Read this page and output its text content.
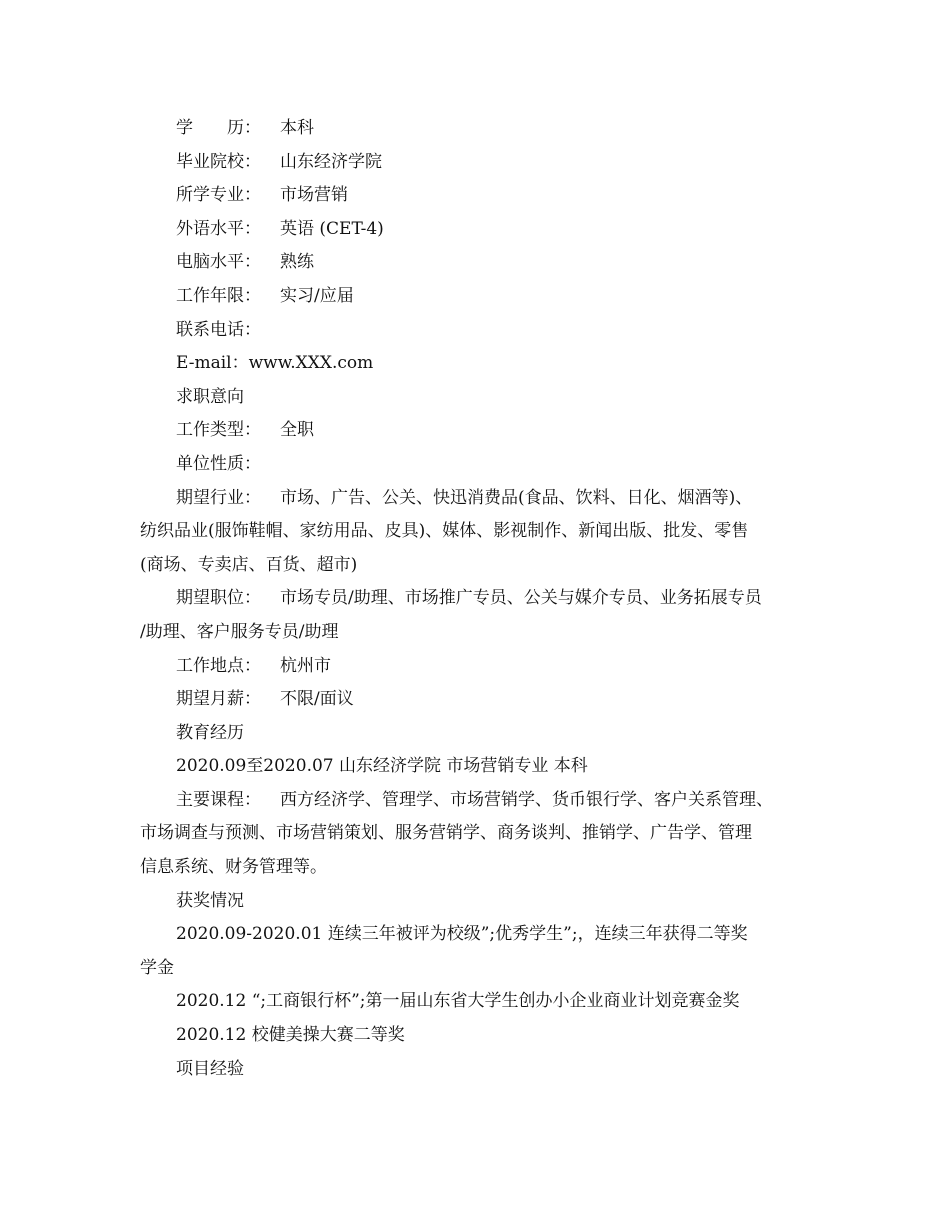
学　　历： 本科
毕业院校： 山东经济学院
所学专业： 市场营销
外语水平： 英语 (CET-4)
电脑水平： 熟练
工作年限： 实习/应届
联系电话：
E-mail：www.XXX.com
求职意向
工作类型： 全职
单位性质：
期望行业： 市场、广告、公关、快迅消费品(食品、饮料、日化、烟酒等)、
纺织品业(服饰鞋帽、家纺用品、皮具)、媒体、影视制作、新闻出版、批发、零售
(商场、专卖店、百货、超市)
期望职位： 市场专员/助理、市场推广专员、公关与媒介专员、业务拓展专员
/助理、客户服务专员/助理
工作地点： 杭州市
期望月薪： 不限/面议
教育经历
2020.09至2020.07 山东经济学院 市场营销专业 本科
主要课程： 西方经济学、管理学、市场营销学、货币银行学、客户关系管理、
市场调查与预测、市场营销策划、服务营销学、商务谈判、推销学、广告学、管理
信息系统、财务管理等。
获奖情况
2020.09-2020.01 连续三年被评为校级”;优秀学生”;，连续三年获得二等奖
学金
2020.12 “;工商银行杯”;第一届山东省大学生创办小企业商业计划竞赛金奖
2020.12 校健美操大赛二等奖
项目经验
